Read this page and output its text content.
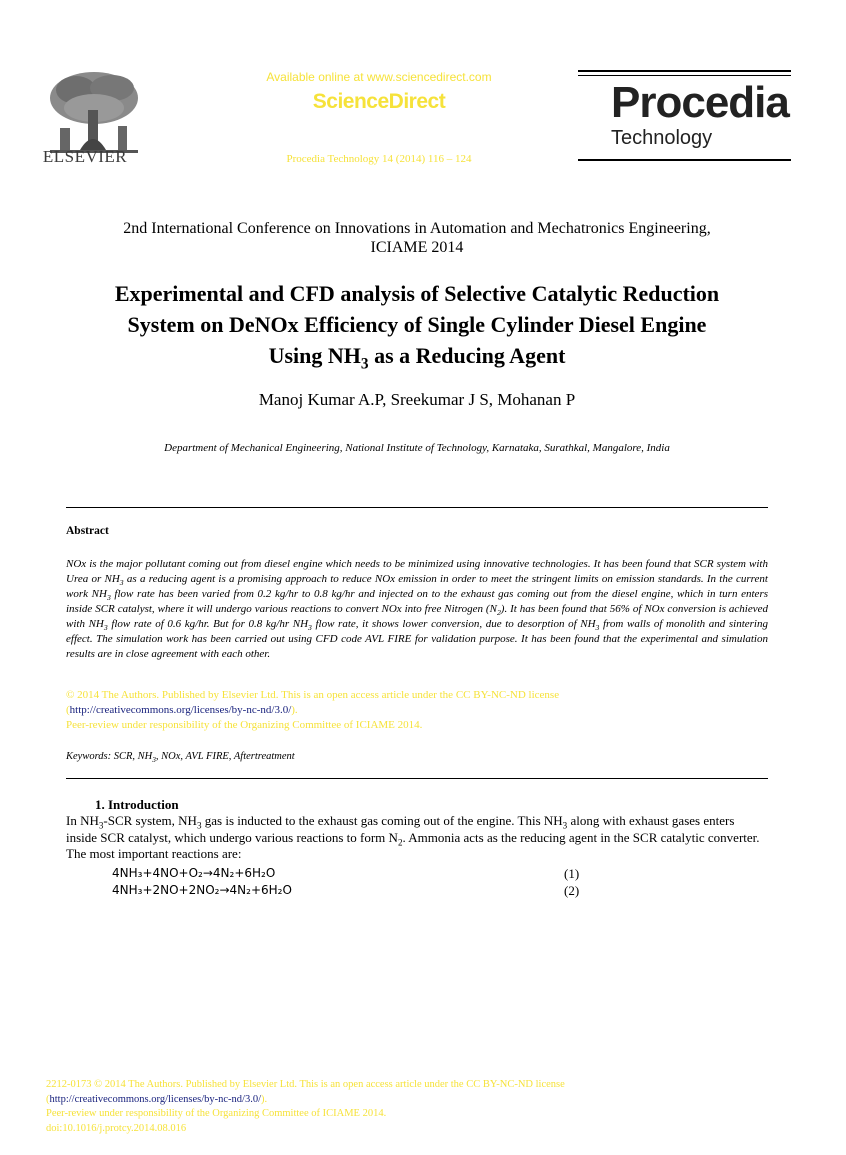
ELSEVIER
Available online at www.sciencedirect.com
ScienceDirect
Procedia Technology 14 (2014) 116 – 124
Procedia
Technology
2nd International Conference on Innovations in Automation and Mechatronics Engineering,
ICIAME 2014
Experimental and CFD analysis of Selective Catalytic Reduction
System on DeNOx Efficiency of Single Cylinder Diesel Engine
Using $NH_3$ as a Reducing Agent
Manoj Kumar A.P, Sreekumar J S, Mohanan P
Department of Mechanical Engineering, National Institute of Technology, Karnataka, Surathkal, Mangalore, India
Abstract
NOx is the major pollutant coming out from diesel engine which needs to be minimized using innovative technologies. It has been found that SCR system with Urea or $NH_3$ as a reducing agent is a promising approach to reduce NOx emission in order to meet the stringent limits on emission standards. In the current work $NH_3$ flow rate has been varied from 0.2 kg/hr to 0.8 kg/hr and injected on to the exhaust gas coming out from the diesel engine, which in turn enters inside SCR catalyst, where it will undergo various reactions to convert NOx into free Nitrogen $(N_2)$. It has been found that 56% of NOx conversion is achieved with $NH_3$ flow rate of 0.6 kg/hr. But for 0.8 kg/hr $NH_3$ flow rate, it shows lower conversion, due to desorption of $NH_3$ from walls of monolith and sintering effect. The simulation work has been carried out using CFD code AVL FIRE for validation purpose. It has been found that the experimental and simulation results are in close agreement with each other.
© 2014 The Authors. Published by Elsevier Ltd. This is an open access article under the CC BY-NC-ND license
(http://creativecommons.org/licenses/by-nc-nd/3.0/).
Peer-review under responsibility of the Organizing Committee of ICIAME 2014.
Keywords: SCR, $NH_3$, NOx, AVL FIRE, Aftertreatment
1. Introduction
In $NH_3$-SCR system, $NH_3$ gas is inducted to the exhaust gas coming out of the engine. This $NH_3$ along with exhaust gases enters inside SCR catalyst, which undergo various reactions to form $N_2$. Ammonia acts as the reducing agent in the SCR catalytic converter. The most important reactions are:
4NH₃+4NO+O₂→4N₂+6H₂O	(1)
4NH₃+2NO+2NO₂→4N₂+6H₂O	(2)
2212-0173 © 2014 The Authors. Published by Elsevier Ltd. This is an open access article under the CC BY-NC-ND license
(http://creativecommons.org/licenses/by-nc-nd/3.0/).
Peer-review under responsibility of the Organizing Committee of ICIAME 2014.
doi:10.1016/j.protcy.2014.08.016
